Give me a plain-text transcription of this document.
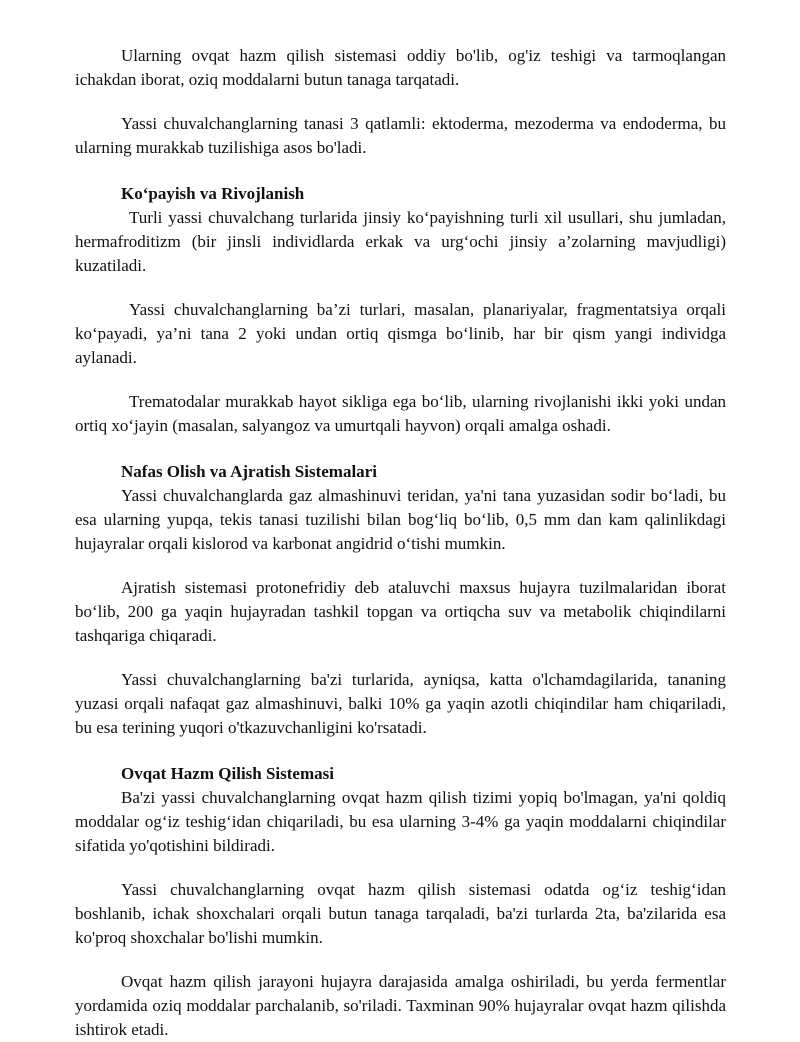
Ularning ovqat hazm qilish sistemasi oddiy bo'lib, og'iz teshigi va tarmoqlangan ichakdan iborat, oziq moddalarni butun tanaga tarqatadi.

Yassi chuvalchanglarning tanasi 3 qatlamli: ektoderma, mezoderma va endoderma, bu ularning murakkab tuzilishiga asos bo'ladi.

Ko‘payish va Rivojlanish

Turli yassi chuvalchang turlarida jinsiy ko‘payishning turli xil usullari, shu jumladan, hermafroditizm (bir jinsli individlarda erkak va urg‘ochi jinsiy a’zolarning mavjudligi) kuzatiladi.

Yassi chuvalchanglarning ba’zi turlari, masalan, planariyalar, fragmentatsiya orqali ko‘payadi, ya’ni tana 2 yoki undan ortiq qismga bo‘linib, har bir qism yangi individga aylanadi.

Trematodalar murakkab hayot sikliga ega bo‘lib, ularning rivojlanishi ikki yoki undan ortiq xo‘jayin (masalan, salyangoz va umurtqali hayvon) orqali amalga oshadi.

Nafas Olish va Ajratish Sistemalari

Yassi chuvalchanglarda gaz almashinuvi teridan, ya'ni tana yuzasidan sodir bo‘ladi, bu esa ularning yupqa, tekis tanasi tuzilishi bilan bog‘liq bo‘lib, 0,5 mm dan kam qalinlikdagi hujayralar orqali kislorod va karbonat angidrid o‘tishi mumkin.

Ajratish sistemasi protonefridiy deb ataluvchi maxsus hujayra tuzilmalaridan iborat bo‘lib, 200 ga yaqin hujayradan tashkil topgan va ortiqcha suv va metabolik chiqindilarni tashqariga chiqaradi.

Yassi chuvalchanglarning ba'zi turlarida, ayniqsa, katta o'lchamdagilarida, tananing yuzasi orqali nafaqat gaz almashinuvi, balki 10% ga yaqin azotli chiqindilar ham chiqariladi, bu esa terining yuqori o'tkazuvchanligini ko'rsatadi.

Ovqat Hazm Qilish Sistemasi

Ba'zi yassi chuvalchanglarning ovqat hazm qilish tizimi yopiq bo'lmagan, ya'ni qoldiq moddalar og‘iz teshig‘idan chiqariladi, bu esa ularning 3-4% ga yaqin moddalarni chiqindilar sifatida yo'qotishini bildiradi.

Yassi chuvalchanglarning ovqat hazm qilish sistemasi odatda og‘iz teshig‘idan boshlanib, ichak shoxchalari orqali butun tanaga tarqaladi, ba'zi turlarda 2ta, ba'zilarida esa ko'proq shoxchalar bo'lishi mumkin.

Ovqat hazm qilish jarayoni hujayra darajasida amalga oshiriladi, bu yerda fermentlar yordamida oziq moddalar parchalanib, so'riladi. Taxminan 90% hujayralar ovqat hazm qilishda ishtirok etadi.
